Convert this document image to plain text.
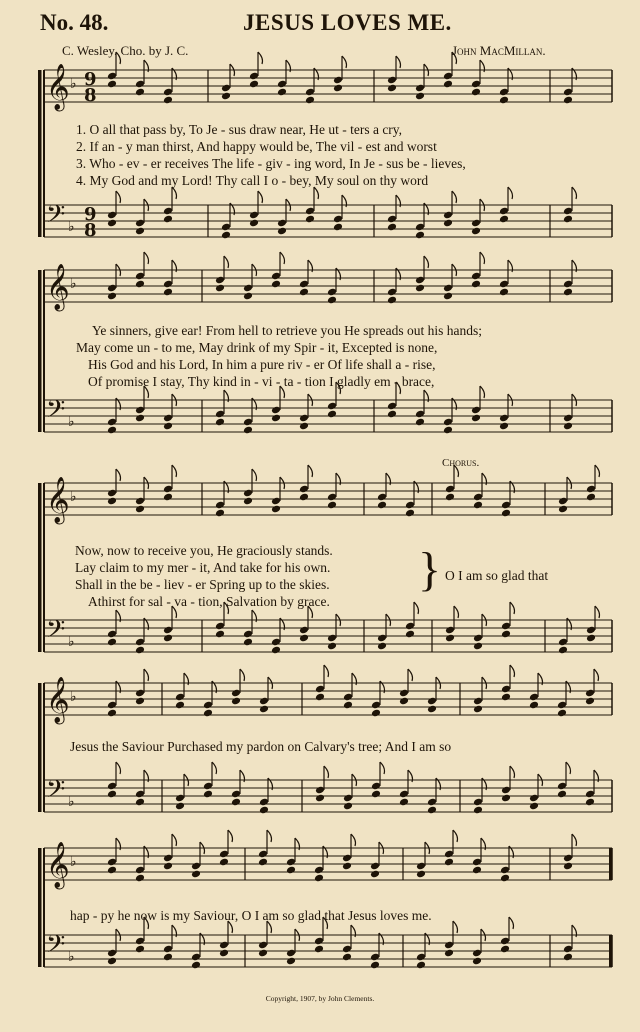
No. 48.	JESUS LOVES ME.
C. Wesley. Cho. by J. C.	John MacMillan.
𝄞
𝄢
♭
♭
9
8
9
8
𝄞
𝄢
♭
♭
𝄞
𝄢
♭
♭
𝄞
𝄢
♭
♭
𝄞
𝄢
♭
♭
1. O all that pass by, To Je - sus draw near, He ut - ters a cry,
2. If an - y man thirst, And happy would be, The vil - est and worst
3. Who - ev - er receives The life - giv - ing word, In Je - sus be - lieves,
4. My God and my Lord! Thy call I o - bey, My soul on thy word
Ye sinners, give ear! From hell to retrieve you He spreads out his hands;
May come un - to me, May drink of my Spir - it, Excepted is none,
His God and his Lord, In him a pure riv - er Of life shall a - rise,
Of promise I stay, Thy kind in - vi - ta - tion I gladly em - brace,
Chorus.
Now, now to receive you, He graciously stands.
Lay claim to my mer - it, And take for his own.
Shall in the be - liev - er Spring up to the skies.
Athirst for sal - va - tion, Salvation by grace.
} O I am so glad that
Jesus the Saviour Purchased my pardon on Calvary's tree; And I am so
hap - py he now is my Saviour, O I am so glad that Jesus loves me.
Copyright, 1907, by John Clements.
